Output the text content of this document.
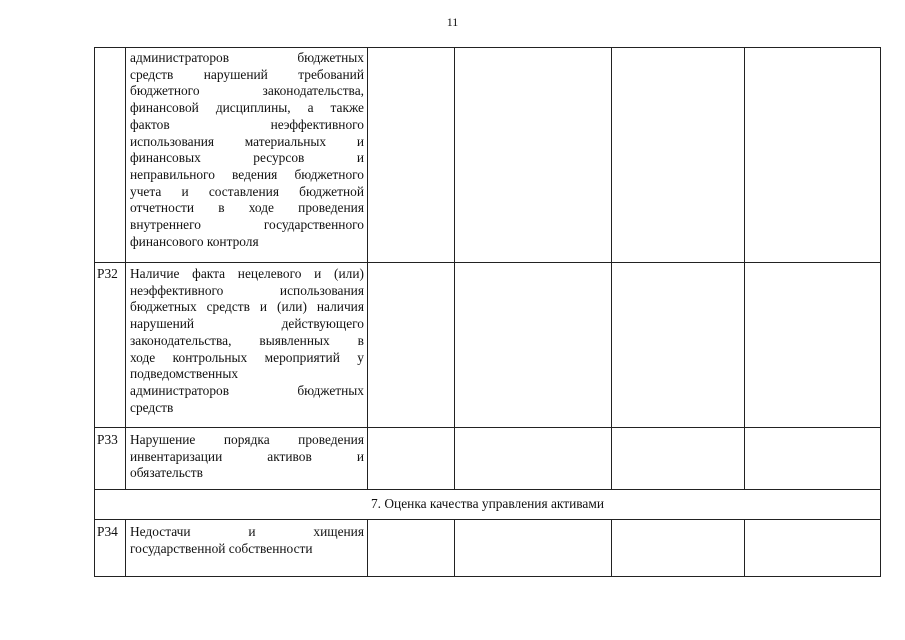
11
администраторов бюджетных
средств нарушений требований
бюджетного законодательства,
финансовой дисциплины, а также
фактов неэффективного
использования материальных и
финансовых ресурсов и
неправильного ведения бюджетного
учета и составления бюджетной
отчетности в ходе проведения
внутреннего государственного
финансового контроля
Р32 Наличие факта нецелевого и (или)
неэффективного использования
бюджетных средств и (или) наличия
нарушений действующего
законодательства, выявленных в
ходе контрольных мероприятий у
подведомственных
администраторов бюджетных
средств
Р33 Нарушение порядка проведения
инвентаризации активов и
обязательств
7. Оценка качества управления активами
Р34 Недостачи и хищения
государственной собственности
